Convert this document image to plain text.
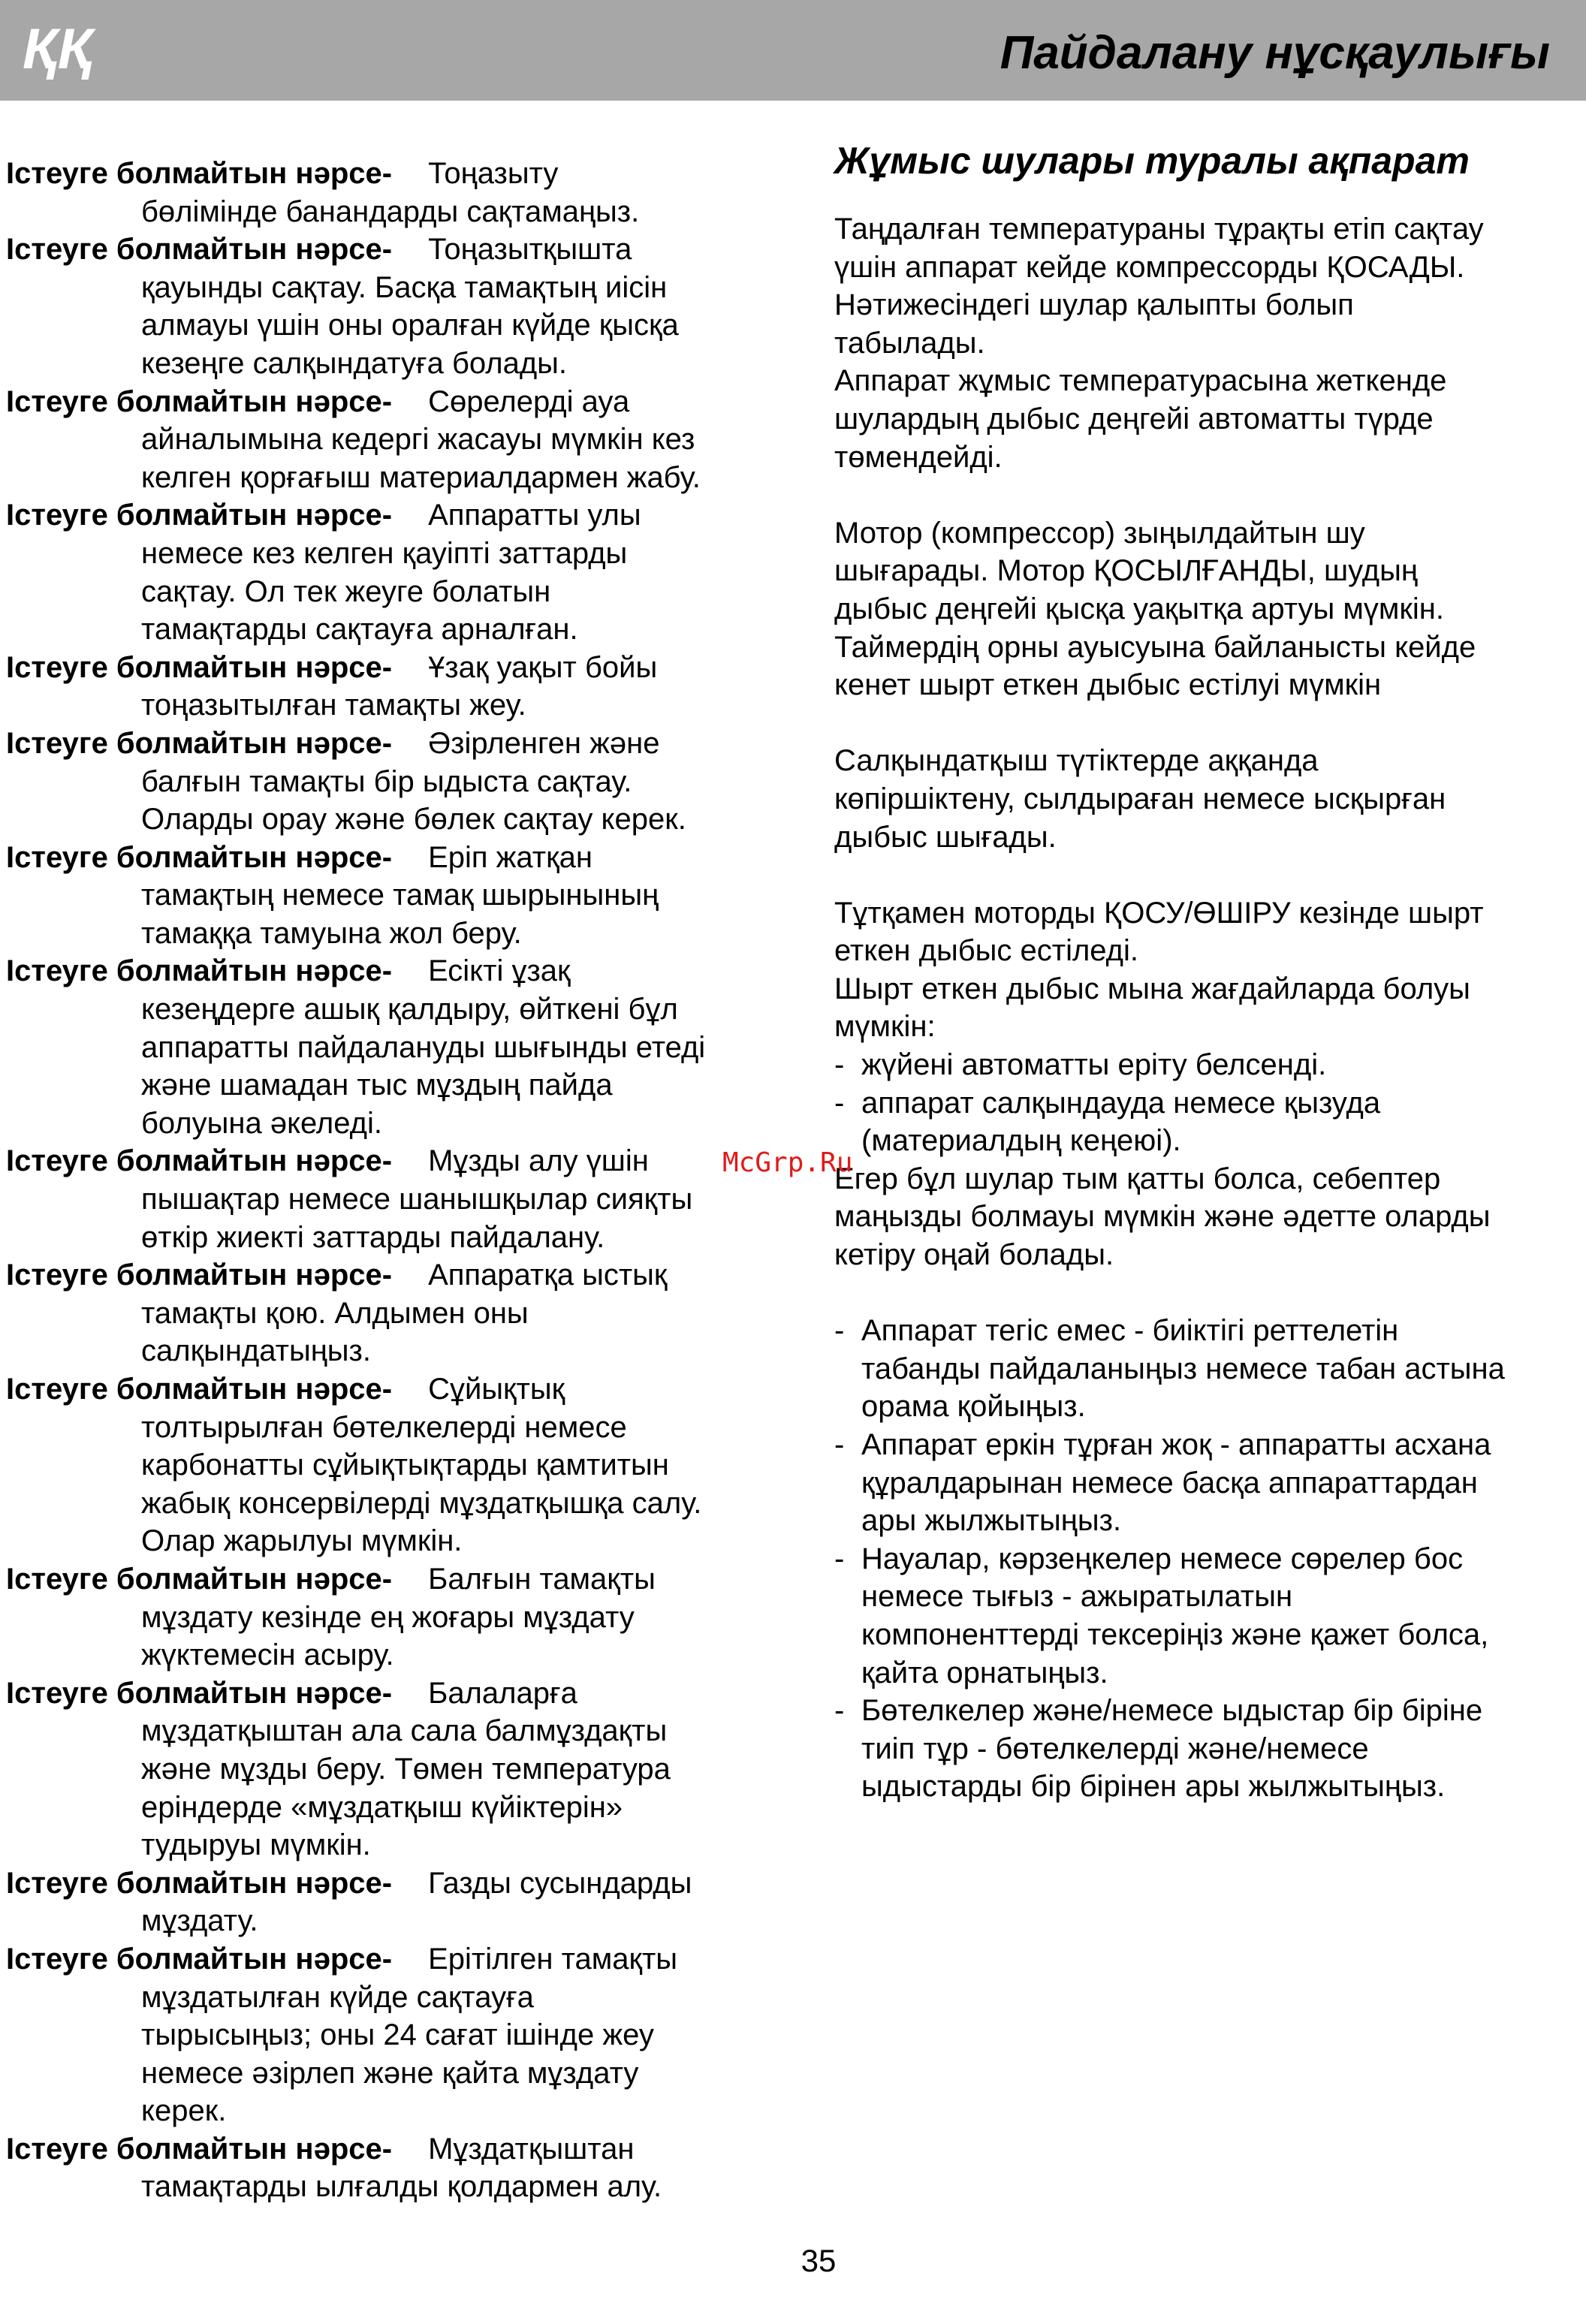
ҚҚ	Пайдалану нұсқаулығы
Істеуге болмайтын нәрсе- Тоңазыту
бөлімінде банандарды сақтамаңыз.
Істеуге болмайтын нәрсе- Тоңазытқышта
қауынды сақтау. Басқа тамақтың иісін
алмауы үшін оны оралған күйде қысқа
кезеңге салқындатуға болады.
Істеуге болмайтын нәрсе- Сөрелерді ауа
айналымына кедергі жасауы мүмкін кез
келген қорғағыш материалдармен жабу.
Істеуге болмайтын нәрсе- Аппаратты улы
немесе кез келген қауіпті заттарды
сақтау. Ол тек жеуге болатын
тамақтарды сақтауға арналған.
Істеуге болмайтын нәрсе- Ұзақ уақыт бойы
тоңазытылған тамақты жеу.
Істеуге болмайтын нәрсе- Әзірленген және
балғын тамақты бір ыдыста сақтау.
Оларды орау және бөлек сақтау керек.
Істеуге болмайтын нәрсе- Еріп жатқан
тамақтың немесе тамақ шырынының
тамаққа тамуына жол беру.
Істеуге болмайтын нәрсе- Есікті ұзақ
кезеңдерге ашық қалдыру, өйткені бұл
аппаратты пайдалануды шығынды етеді
және шамадан тыс мұздың пайда
болуына әкеледі.
Істеуге болмайтын нәрсе- Мұзды алу үшін
пышақтар немесе шанышқылар сияқты
өткір жиекті заттарды пайдалану.
Істеуге болмайтын нәрсе- Аппаратқа ыстық
тамақты қою. Алдымен оны
салқындатыңыз.
Істеуге болмайтын нәрсе- Сұйықтық
толтырылған бөтелкелерді немесе
карбонатты сұйықтықтарды қамтитын
жабық консервілерді мұздатқышқа салу.
Олар жарылуы мүмкін.
Істеуге болмайтын нәрсе- Балғын тамақты
мұздату кезінде ең жоғары мұздату
жүктемесін асыру.
Істеуге болмайтын нәрсе- Балаларға
мұздатқыштан ала сала балмұздақты
және мұзды беру. Төмен температура
еріндерде «мұздатқыш күйіктерін»
тудыруы мүмкін.
Істеуге болмайтын нәрсе- Газды сусындарды
мұздату.
Істеуге болмайтын нәрсе- Ерітілген тамақты
мұздатылған күйде сақтауға
тырысыңыз; оны 24 сағат ішінде жеу
немесе әзірлеп және қайта мұздату
керек.
Істеуге болмайтын нәрсе- Мұздатқыштан
тамақтарды ылғалды қолдармен алу.
Жұмыс шулары туралы ақпарат
Таңдалған температураны тұрақты етіп сақтау
үшін аппарат кейде компрессорды ҚОСАДЫ.
Нәтижесіндегі шулар қалыпты болып
табылады.
Аппарат жұмыс температурасына жеткенде
шулардың дыбыс деңгейі автоматты түрде
төмендейді.
Мотор (компрессор) зыңылдайтын шу
шығарады. Мотор ҚОСЫЛҒАНДЫ, шудың
дыбыс деңгейі қысқа уақытқа артуы мүмкін.
Таймердің орны ауысуына байланысты кейде
кенет шырт еткен дыбыс естілуі мүмкін
Салқындатқыш түтіктерде аққанда
көпіршіктену, сылдыраған немесе ысқырған
дыбыс шығады.
Тұтқамен моторды ҚОСУ/ӨШІРУ кезінде шырт
еткен дыбыс естіледі.
Шырт еткен дыбыс мына жағдайларда болуы
мүмкін:
- жүйені автоматты еріту белсенді.
- аппарат салқындауда немесе қызуда
(материалдың кеңеюі).
Егер бұл шулар тым қатты болса, себептер
маңызды болмауы мүмкін және әдетте оларды
кетіру оңай болады.
- Аппарат тегіс емес - биіктігі реттелетін
табанды пайдаланыңыз немесе табан астына
орама қойыңыз.
- Аппарат еркін тұрған жоқ - аппаратты асхана
құралдарынан немесе басқа аппараттардан
ары жылжытыңыз.
- Науалар, кәрзеңкелер немесе сөрелер бос
немесе тығыз - ажыратылатын
компоненттерді тексеріңіз және қажет болса,
қайта орнатыңыз.
- Бөтелкелер және/немесе ыдыстар бір біріне
тиіп тұр - бөтелкелерді және/немесе
ыдыстарды бір бірінен ары жылжытыңыз.
McGrp.Ru
35
